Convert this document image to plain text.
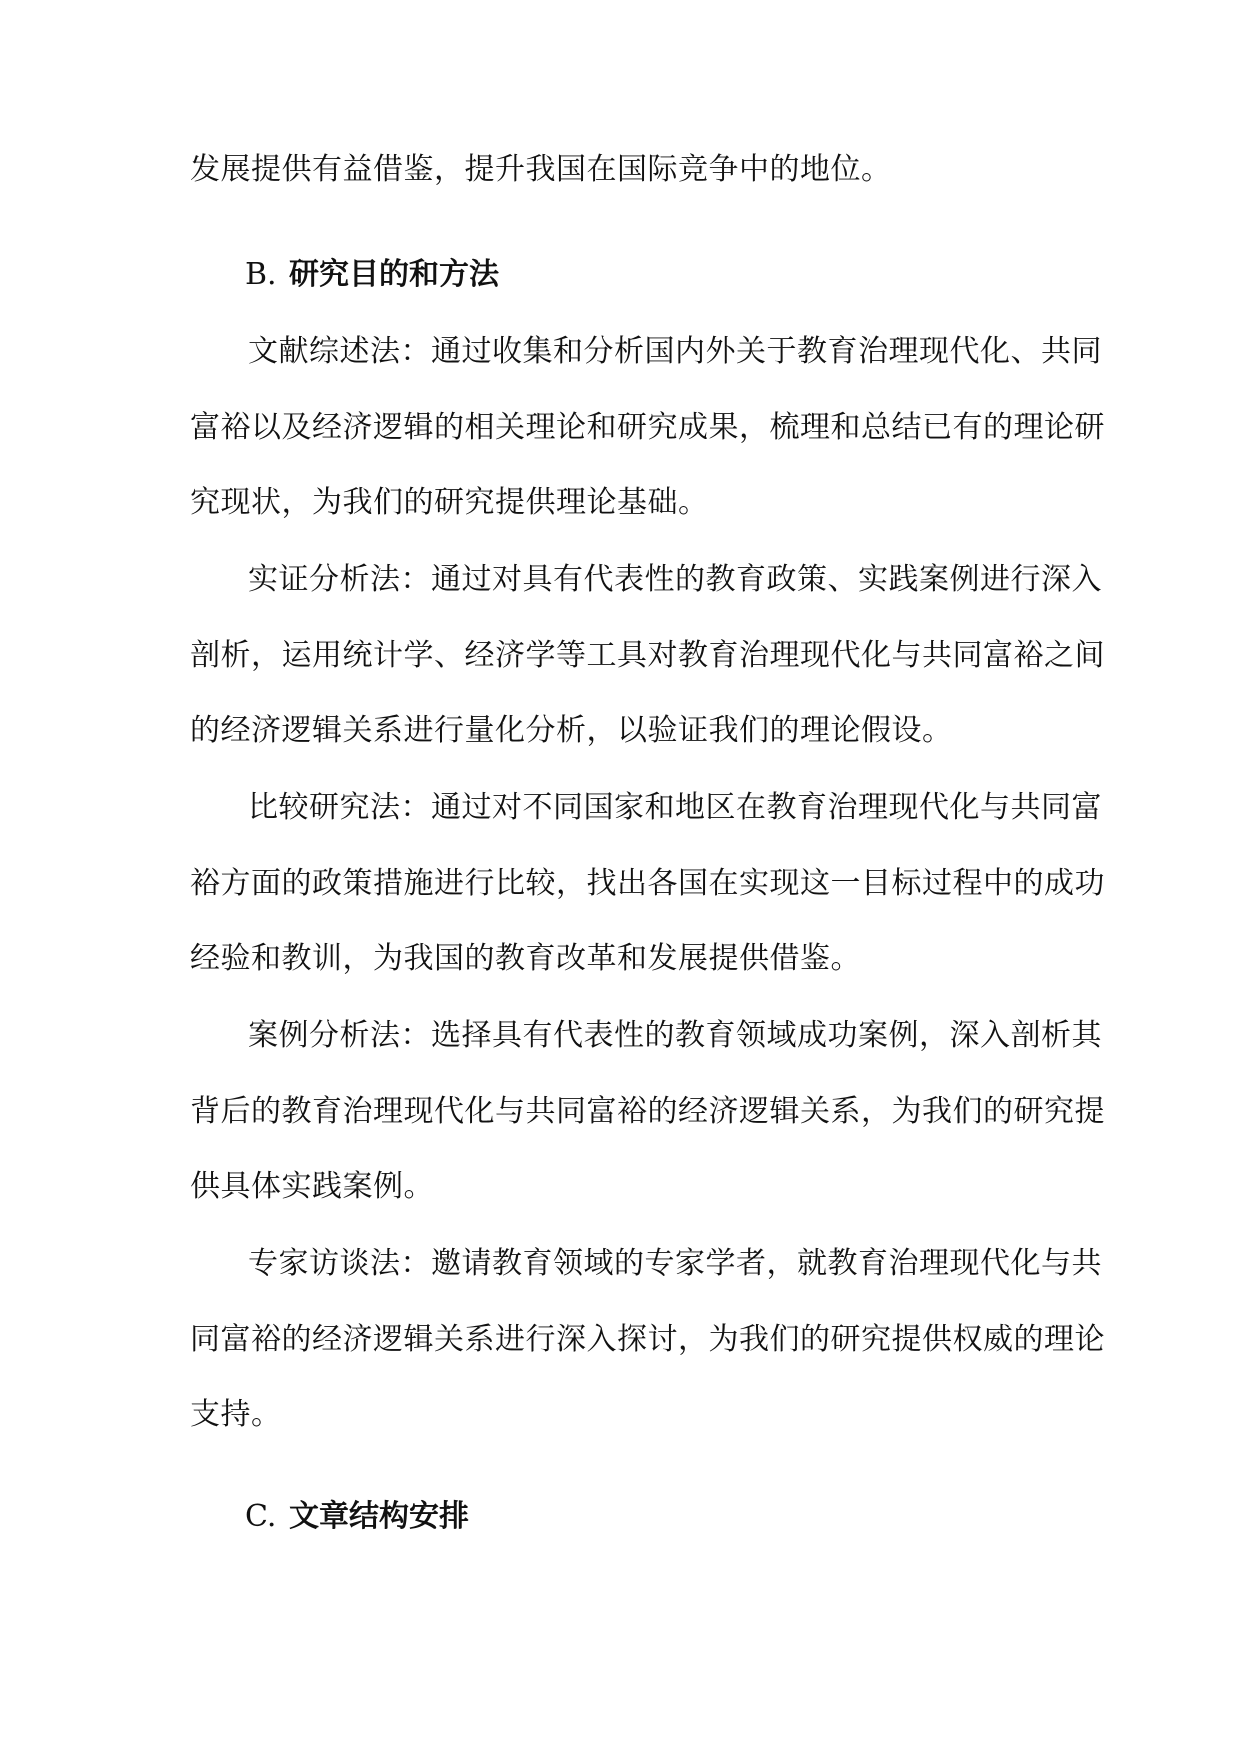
发展提供有益借鉴，提升我国在国际竞争中的地位。
B. 研究目的和方法
文献综述法：通过收集和分析国内外关于教育治理现代化、共同
富裕以及经济逻辑的相关理论和研究成果，梳理和总结已有的理论研
究现状，为我们的研究提供理论基础。
实证分析法：通过对具有代表性的教育政策、实践案例进行深入
剖析，运用统计学、经济学等工具对教育治理现代化与共同富裕之间
的经济逻辑关系进行量化分析，以验证我们的理论假设。
比较研究法：通过对不同国家和地区在教育治理现代化与共同富
裕方面的政策措施进行比较，找出各国在实现这一目标过程中的成功
经验和教训，为我国的教育改革和发展提供借鉴。
案例分析法：选择具有代表性的教育领域成功案例，深入剖析其
背后的教育治理现代化与共同富裕的经济逻辑关系，为我们的研究提
供具体实践案例。
专家访谈法：邀请教育领域的专家学者，就教育治理现代化与共
同富裕的经济逻辑关系进行深入探讨，为我们的研究提供权威的理论
支持。
C. 文章结构安排
